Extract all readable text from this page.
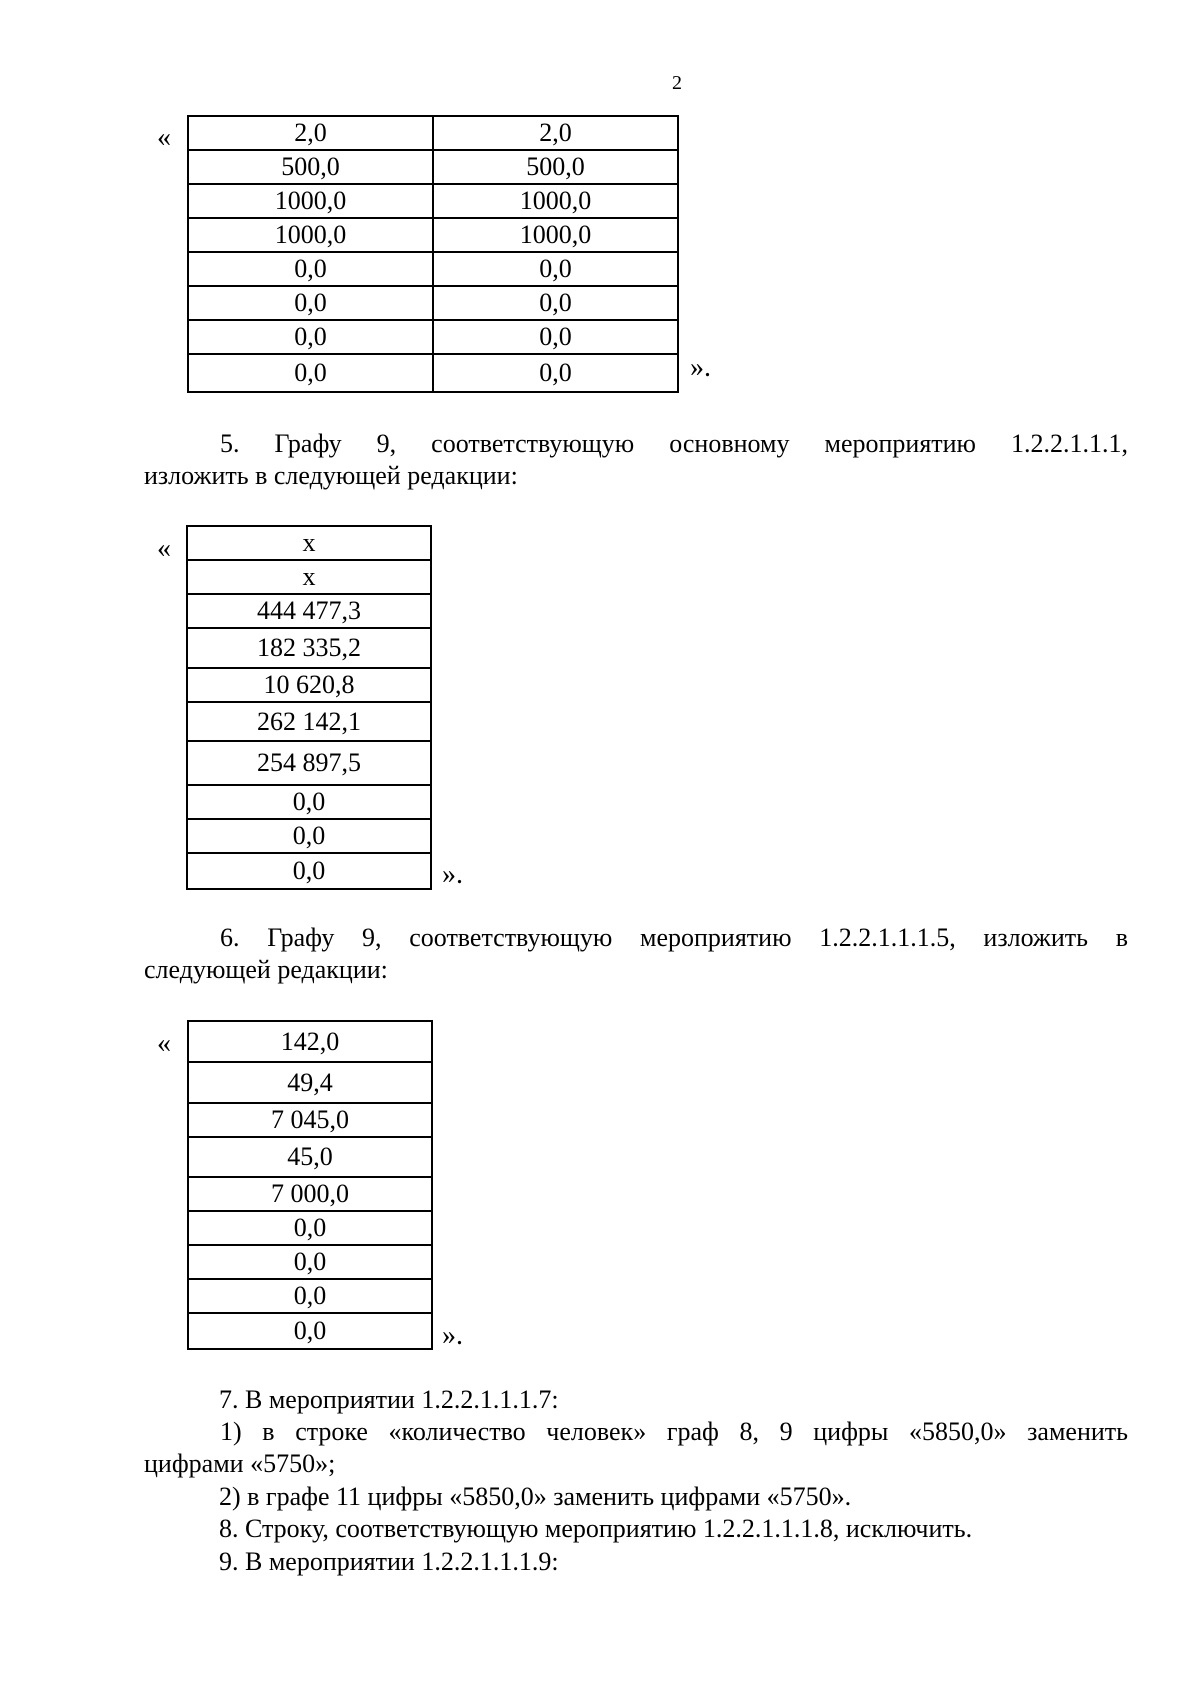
2
«	2,0	2,0
500,0	500,0
1000,0	1000,0
1000,0	1000,0
0,0	0,0
0,0	0,0
0,0	0,0
0,0	0,0	».

5. Графу 9, соответствующую основному мероприятию 1.2.2.1.1.1,

изложить в следующей редакции:

«	х
х
444 477,3
182 335,2
10 620,8
262 142,1
254 897,5
0,0
0,0
0,0	».

6. Графу 9, соответствующую мероприятию 1.2.2.1.1.1.5, изложить в

следующей редакции:

«	142,0
49,4
7 045,0
45,0
7 000,0
0,0
0,0
0,0
0,0	».

7. В мероприятии 1.2.2.1.1.1.7:

1) в строке «количество человек» граф 8, 9 цифры «5850,0» заменить

цифрами «5750»;

2) в графе 11 цифры «5850,0» заменить цифрами «5750».

8. Строку, соответствующую мероприятию 1.2.2.1.1.1.8, исключить.

9. В мероприятии 1.2.2.1.1.1.9:
